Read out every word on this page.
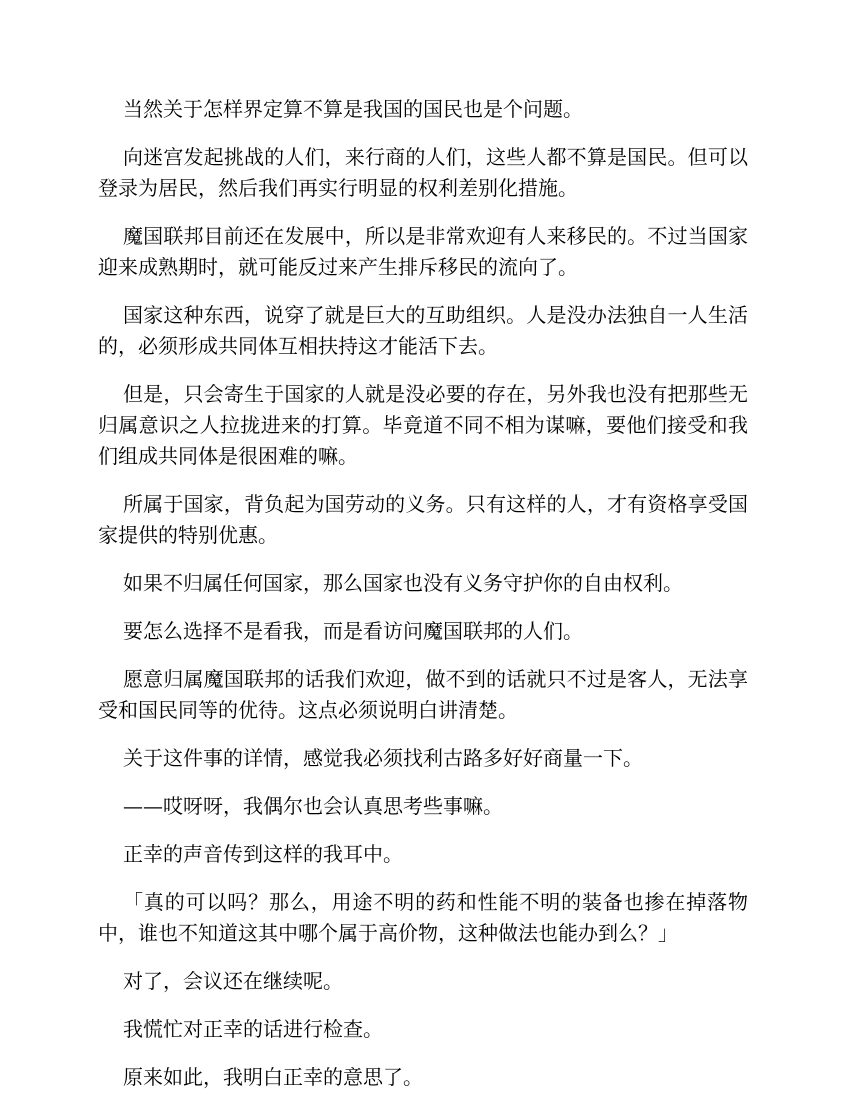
当然关于怎样界定算不算是我国的国民也是个问题。

向迷宫发起挑战的人们，来行商的人们，这些人都不算是国民。但可以登录为居民，然后我们再实行明显的权利差别化措施。

魔国联邦目前还在发展中，所以是非常欢迎有人来移民的。不过当国家迎来成熟期时，就可能反过来产生排斥移民的流向了。

国家这种东西，说穿了就是巨大的互助组织。人是没办法独自一人生活的，必须形成共同体互相扶持这才能活下去。

但是，只会寄生于国家的人就是没必要的存在，另外我也没有把那些无归属意识之人拉拢进来的打算。毕竟道不同不相为谋嘛，要他们接受和我们组成共同体是很困难的嘛。

所属于国家，背负起为国劳动的义务。只有这样的人，才有资格享受国家提供的特别优惠。

如果不归属任何国家，那么国家也没有义务守护你的自由权利。

要怎么选择不是看我，而是看访问魔国联邦的人们。

愿意归属魔国联邦的话我们欢迎，做不到的话就只不过是客人，无法享受和国民同等的优待。这点必须说明白讲清楚。

关于这件事的详情，感觉我必须找利古路多好好商量一下。

——哎呀呀，我偶尔也会认真思考些事嘛。

正幸的声音传到这样的我耳中。

「真的可以吗？那么，用途不明的药和性能不明的装备也掺在掉落物中，谁也不知道这其中哪个属于高价物，这种做法也能办到么？」

对了，会议还在继续呢。

我慌忙对正幸的话进行检查。

原来如此，我明白正幸的意思了。
